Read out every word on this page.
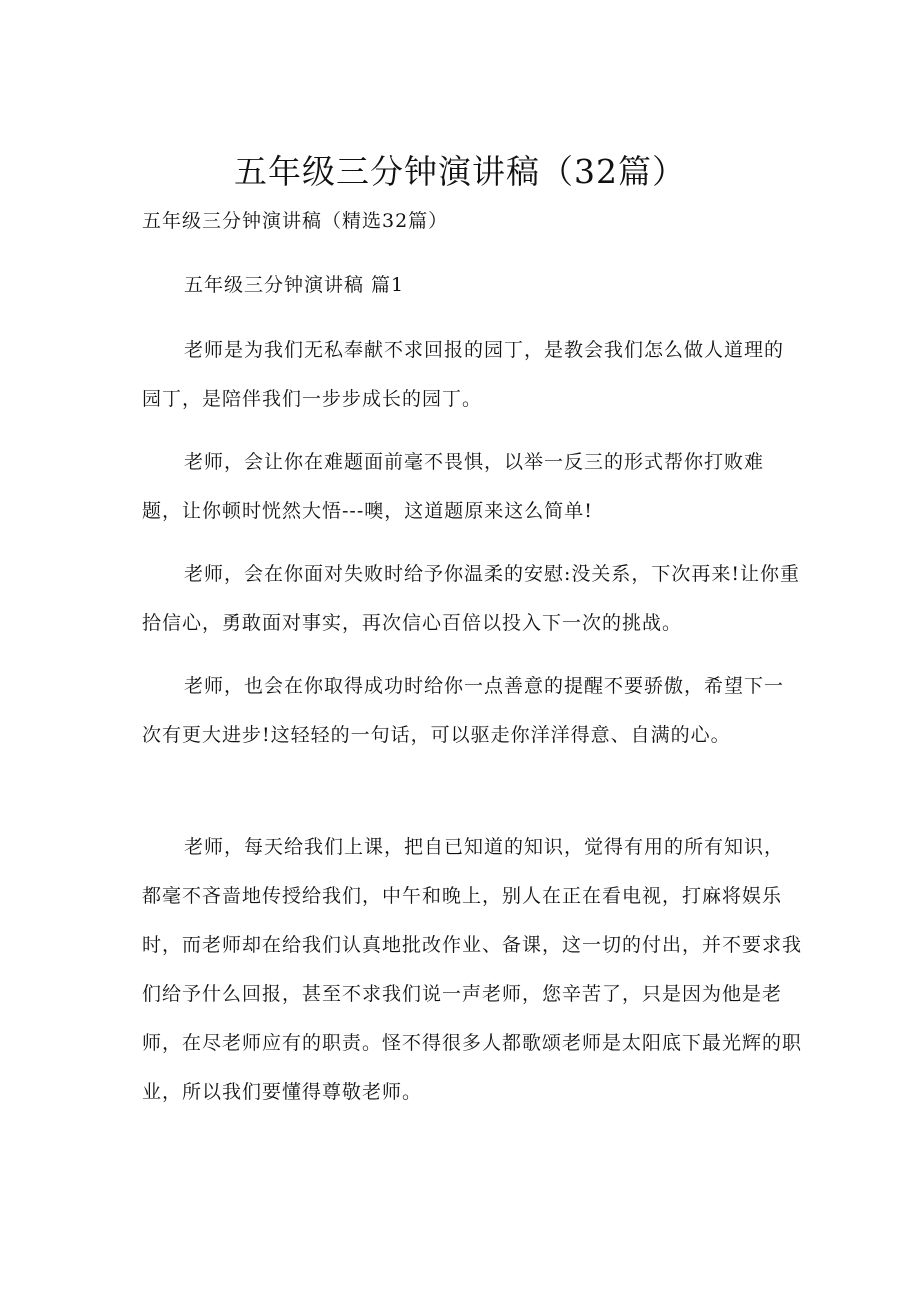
五年级三分钟演讲稿（32篇）

五年级三分钟演讲稿（精选32篇）

五年级三分钟演讲稿 篇1

老师是为我们无私奉献不求回报的园丁，是教会我们怎么做人道理的园丁，是陪伴我们一步步成长的园丁。

老师，会让你在难题面前毫不畏惧，以举一反三的形式帮你打败难题，让你顿时恍然大悟---噢，这道题原来这么简单!

老师，会在你面对失败时给予你温柔的安慰:没关系，下次再来!让你重拾信心，勇敢面对事实，再次信心百倍以投入下一次的挑战。

老师，也会在你取得成功时给你一点善意的提醒不要骄傲，希望下一次有更大进步!这轻轻的一句话，可以驱走你洋洋得意、自满的心。

老师，每天给我们上课，把自已知道的知识，觉得有用的所有知识，都毫不吝啬地传授给我们，中午和晚上，别人在正在看电视，打麻将娱乐时，而老师却在给我们认真地批改作业、备课，这一切的付出，并不要求我们给予什么回报，甚至不求我们说一声老师，您辛苦了，只是因为他是老师，在尽老师应有的职责。怪不得很多人都歌颂老师是太阳底下最光辉的职业，所以我们要懂得尊敬老师。
